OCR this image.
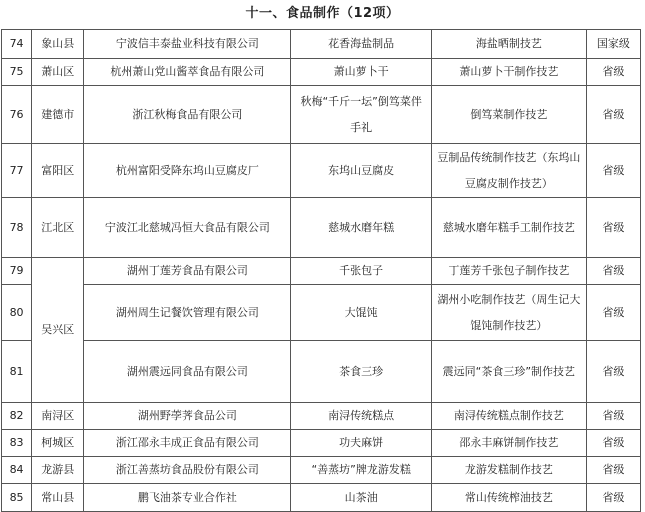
十一、食品制作（12项）
74	象山县	宁波信丰泰盐业科技有限公司	花香海盐制品	海盐晒制技艺	国家级
75	萧山区	杭州萧山党山酱萃食品有限公司	萧山萝卜干	萧山萝卜干制作技艺	省级
76	建德市	浙江秋梅食品有限公司	秋梅“千斤一坛”倒笃菜伴手礼	倒笃菜制作技艺	省级
77	富阳区	杭州富阳受降东坞山豆腐皮厂	东坞山豆腐皮	豆制品传统制作技艺（东坞山豆腐皮制作技艺）	省级
78	江北区	宁波江北慈城冯恒大食品有限公司	慈城水磨年糕	慈城水磨年糕手工制作技艺	省级
79	吴兴区	湖州丁莲芳食品有限公司	千张包子	丁莲芳千张包子制作技艺	省级
80		湖州周生记餐饮管理有限公司	大馄饨	湖州小吃制作技艺（周生记大馄饨制作技艺）	省级
81		湖州震远同食品有限公司	茶食三珍	震远同“茶食三珍”制作技艺	省级
82	南浔区	湖州野荸荠食品公司	南浔传统糕点	南浔传统糕点制作技艺	省级
83	柯城区	浙江邵永丰成正食品有限公司	功夫麻饼	邵永丰麻饼制作技艺	省级
84	龙游县	浙江善蒸坊食品股份有限公司	“善蒸坊”牌龙游发糕	龙游发糕制作技艺	省级
85	常山县	鹏飞油茶专业合作社	山茶油	常山传统榨油技艺	省级
